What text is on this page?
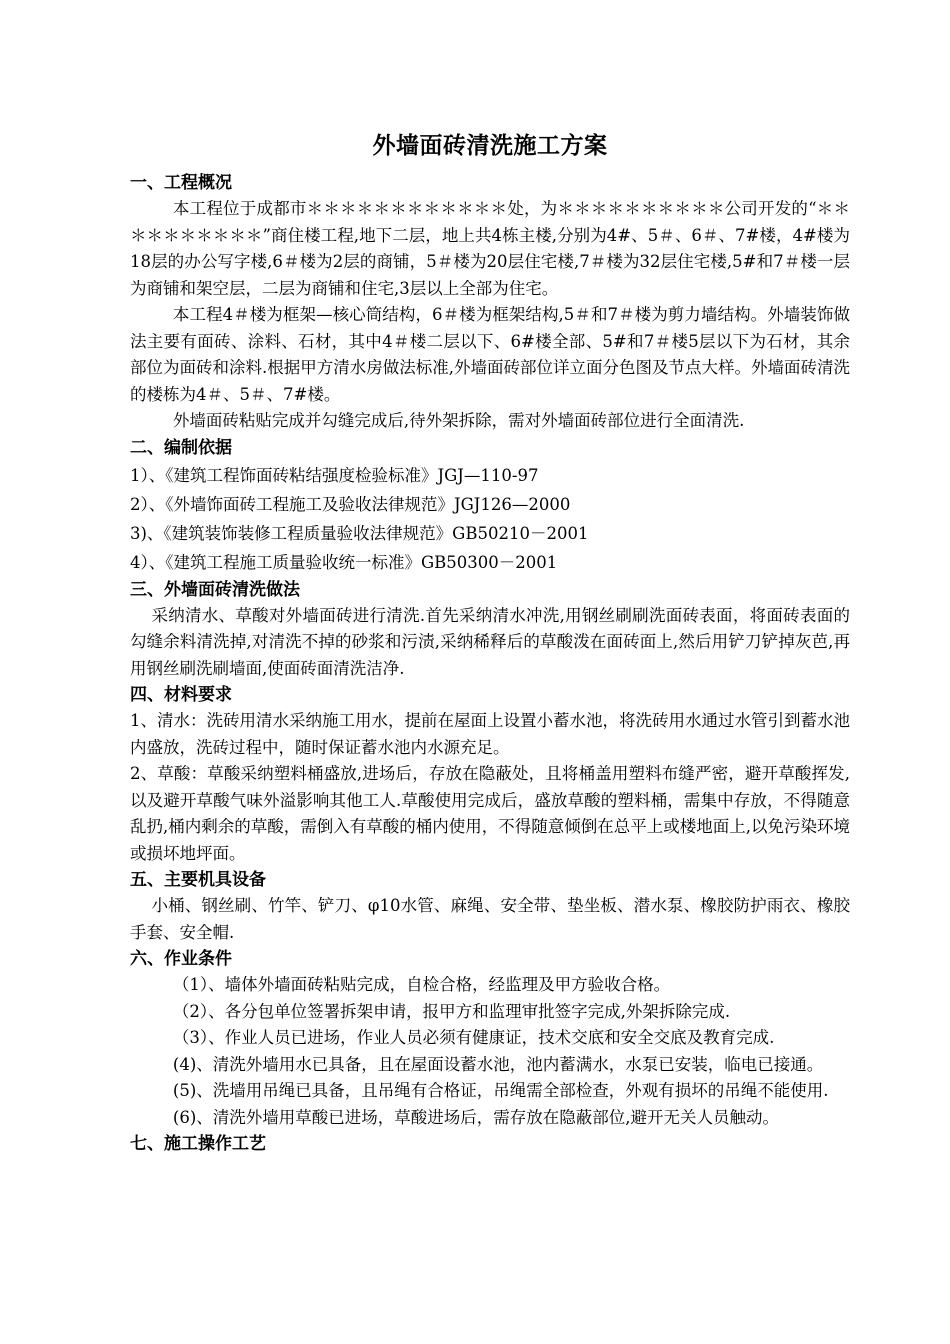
外墙面砖清洗施工方案

一、工程概况

本工程位于成都市＊＊＊＊＊＊＊＊＊＊＊＊处，为＊＊＊＊＊＊＊＊＊＊公司开发的“＊＊＊＊＊＊＊＊＊＊”商住楼工程,地下二层，地上共4栋主楼,分别为4#、5＃、6＃、7#楼，4#楼为18层的办公写字楼,6＃楼为2层的商铺，5＃楼为20层住宅楼,7＃楼为32层住宅楼,5#和7＃楼一层为商铺和架空层，二层为商铺和住宅,3层以上全部为住宅。

本工程4＃楼为框架—核心筒结构，6＃楼为框架结构,5＃和7＃楼为剪力墙结构。外墙装饰做法主要有面砖、涂料、石材，其中4＃楼二层以下、6#楼全部、5#和7＃楼5层以下为石材，其余部位为面砖和涂料.根据甲方清水房做法标准,外墙面砖部位详立面分色图及节点大样。外墙面砖清洗的楼栋为4＃、5＃、7#楼。

外墙面砖粘贴完成并勾缝完成后,待外架拆除，需对外墙面砖部位进行全面清洗.

二、编制依据

1）、《建筑工程饰面砖粘结强度检验标准》JGJ—110-97

2）、《外墙饰面砖工程施工及验收法律规范》JGJ126—2000

3)、《建筑装饰装修工程质量验收法律规范》GB50210－2001

4）、《建筑工程施工质量验收统一标准》GB50300－2001

三、外墙面砖清洗做法

采纳清水、草酸对外墙面砖进行清洗.首先采纳清水冲洗,用钢丝刷刷洗面砖表面，将面砖表面的勾缝余料清洗掉,对清洗不掉的砂浆和污渍,采纳稀释后的草酸泼在面砖面上,然后用铲刀铲掉灰芭,再用钢丝刷洗刷墙面,使面砖面清洗洁净.

四、材料要求

1、清水：洗砖用清水采纳施工用水，提前在屋面上设置小蓄水池，将洗砖用水通过水管引到蓄水池内盛放，洗砖过程中，随时保证蓄水池内水源充足。

2、草酸：草酸采纳塑料桶盛放,进场后，存放在隐蔽处，且将桶盖用塑料布缝严密，避开草酸挥发,以及避开草酸气味外溢影响其他工人.草酸使用完成后，盛放草酸的塑料桶，需集中存放，不得随意乱扔,桶内剩余的草酸，需倒入有草酸的桶内使用，不得随意倾倒在总平上或楼地面上,以免污染环境或损坏地坪面。

五、主要机具设备

小桶、钢丝刷、竹竿、铲刀、φ10水管、麻绳、安全带、垫坐板、潜水泵、橡胶防护雨衣、橡胶手套、安全帽.

六、作业条件

（1）、墙体外墙面砖粘贴完成，自检合格，经监理及甲方验收合格。

（2）、各分包单位签署拆架申请，报甲方和监理审批签字完成,外架拆除完成.

（3）、作业人员已进场，作业人员必须有健康证，技术交底和安全交底及教育完成.

(4)、清洗外墙用水已具备，且在屋面设蓄水池，池内蓄满水，水泵已安装，临电已接通。

(5)、洗墙用吊绳已具备，且吊绳有合格证，吊绳需全部检查，外观有损坏的吊绳不能使用.

(6)、清洗外墙用草酸已进场，草酸进场后，需存放在隐蔽部位,避开无关人员触动。

七、施工操作工艺
